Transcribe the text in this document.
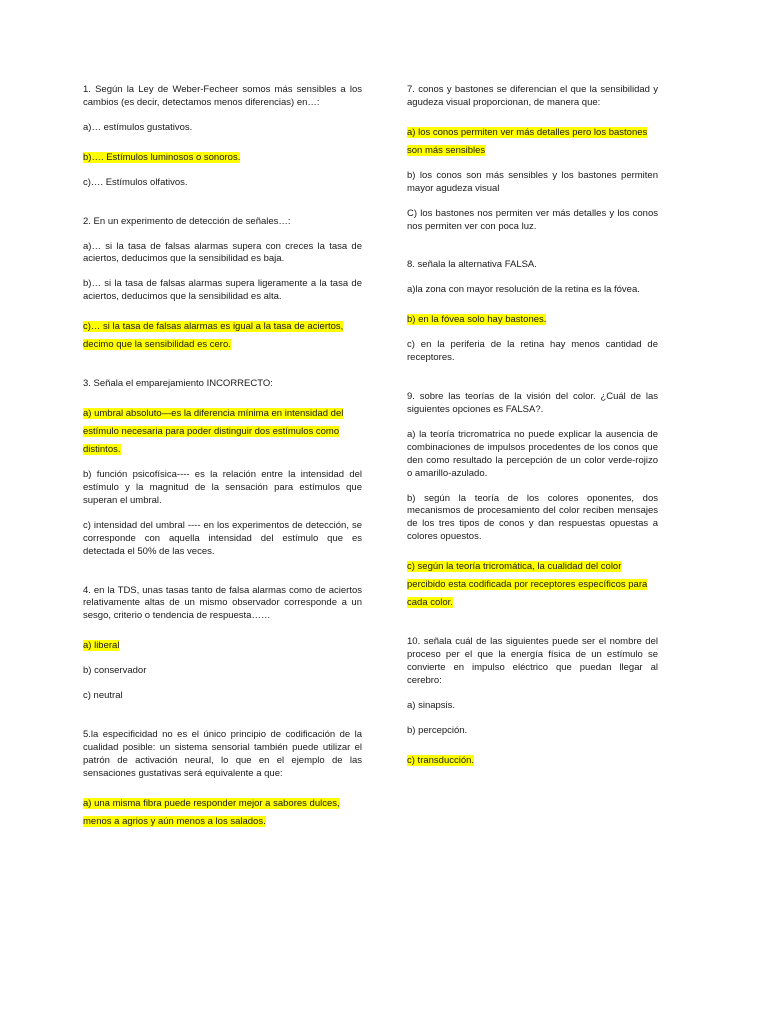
1. Según la Ley de Weber-Fecheer somos más sensibles a los cambios (es decir, detectamos menos diferencias) en…:

a)… estímulos gustativos.

b)…. Estímulos luminosos o sonoros.

c)…. Estímulos olfativos.

2. En un experimento de detección de señales…:

a)… si la tasa de falsas alarmas supera con creces la tasa de aciertos, deducimos que la sensibilidad es baja.

b)… si la tasa de falsas alarmas supera ligeramente a la tasa de aciertos, deducimos que la sensibilidad es alta.

c)… si la tasa de falsas alarmas es igual a la tasa de aciertos, decimo que la sensibilidad es cero.

3. Señala el emparejamiento INCORRECTO:

a) umbral absoluto—es la diferencia mínima en intensidad del estímulo necesaria para poder distinguir dos estímulos como distintos.

b) función psicofísica---- es la relación entre la intensidad del estímulo y la magnitud de la sensación para estímulos que superan el umbral.

c) intensidad del umbral ---- en los experimentos de detección, se corresponde con aquella intensidad del estímulo que es detectada el 50% de las veces.

4. en la TDS, unas tasas tanto de falsa alarmas como de aciertos relativamente altas de un mismo observador corresponde a un sesgo, criterio o tendencia de respuesta……

a) liberal

b) conservador

c) neutral

5.la especificidad no es el único principio de codificación de la cualidad posible: un sistema sensorial también puede utilizar el patrón de activación neural, lo que en el ejemplo de las sensaciones gustativas será equivalente a que:

a) una misma fibra puede responder mejor a sabores dulces, menos a agrios y aún menos a los salados.

7. conos y bastones se diferencian el que la sensibilidad y agudeza visual proporcionan, de manera que:

a) los conos permiten ver más detalles pero los bastones son más sensibles

b) los conos son más sensibles y los bastones permiten mayor agudeza visual

C) los bastones nos permiten ver más detalles y los conos nos permiten ver con poca luz.

8. señala la alternativa FALSA.

a)la zona con mayor resolución de la retina es la fóvea.

b) en la fóvea solo hay bastones.

c) en la periferia de la retina hay menos cantidad de receptores.

9. sobre las teorías de la visión del color. ¿Cuál de las siguientes opciones es FALSA?.

a) la teoría tricromatrica no puede explicar la ausencia de combinaciones de impulsos procedentes de los conos que den como resultado la percepción de un color verde-rojizo o amarillo-azulado.

b) según la teoría de los colores oponentes, dos mecanismos de procesamiento del color reciben mensajes de los tres tipos de conos y dan respuestas opuestas a colores opuestos.

c) según la teoría tricromática, la cualidad del color percibido esta codificada por receptores específicos para cada color.

10. señala cuál de las siguientes puede ser el nombre del proceso per el que la energía física de un estímulo se convierte en impulso eléctrico que puedan llegar al cerebro:

a) sinapsis.

b) percepción.

c) transducción.
